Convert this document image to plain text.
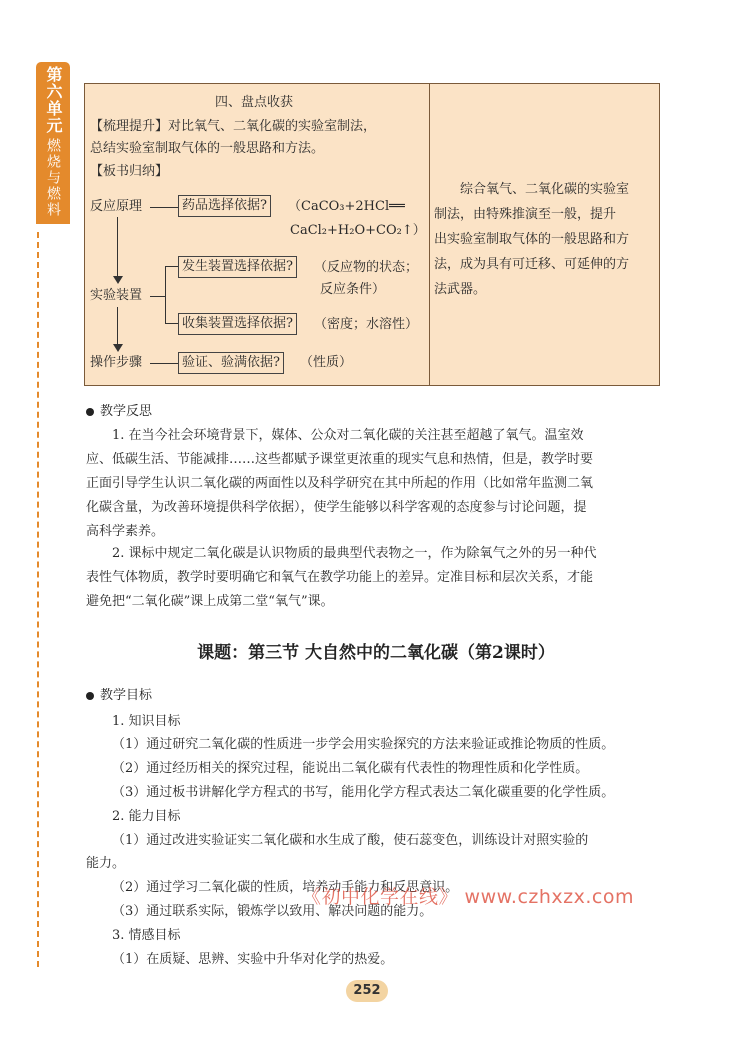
第六单元
燃烧与燃料
四、盘点收获
【梳理提升】对比氧气、二氧化碳的实验室制法，
总结实验室制取气体的一般思路和方法。
【板书归纳】
反应原理	药品选择依据?	（CaCO₃+2HCl══
CaCl₂+H₂O+CO₂↑）
实验装置
发生装置选择依据?	（反应物的状态；
反应条件）
收集装置选择依据?	（密度；水溶性）
操作步骤	验证、验满依据?	（性质）
综合氧气、二氧化碳的实验室
制法，由特殊推演至一般，提升
出实验室制取气体的一般思路和方
法，成为具有可迁移、可延伸的方
法武器。
教学反思
1. 在当今社会环境背景下，媒体、公众对二氧化碳的关注甚至超越了氧气。温室效
应、低碳生活、节能减排……这些都赋予课堂更浓重的现实气息和热情，但是，教学时要
正面引导学生认识二氧化碳的两面性以及科学研究在其中所起的作用（比如常年监测二氧
化碳含量，为改善环境提供科学依据），使学生能够以科学客观的态度参与讨论问题，提
高科学素养。
2. 课标中规定二氧化碳是认识物质的最典型代表物之一，作为除氧气之外的另一种代
表性气体物质，教学时要明确它和氧气在教学功能上的差异。定准目标和层次关系，才能
避免把“二氧化碳”课上成第二堂“氧气”课。
课题：第三节 大自然中的二氧化碳（第2课时）
教学目标
1. 知识目标
（1）通过研究二氧化碳的性质进一步学会用实验探究的方法来验证或推论物质的性质。
（2）通过经历相关的探究过程，能说出二氧化碳有代表性的物理性质和化学性质。
（3）通过板书讲解化学方程式的书写，能用化学方程式表达二氧化碳重要的化学性质。
2. 能力目标
（1）通过改进实验证实二氧化碳和水生成了酸，使石蕊变色，训练设计对照实验的
能力。
（2）通过学习二氧化碳的性质，培养动手能力和反思意识。
（3）通过联系实际，锻炼学以致用、解决问题的能力。
3. 情感目标
（1）在质疑、思辨、实验中升华对化学的热爱。
《初中化学在线》 www.czhxzx.com
252
